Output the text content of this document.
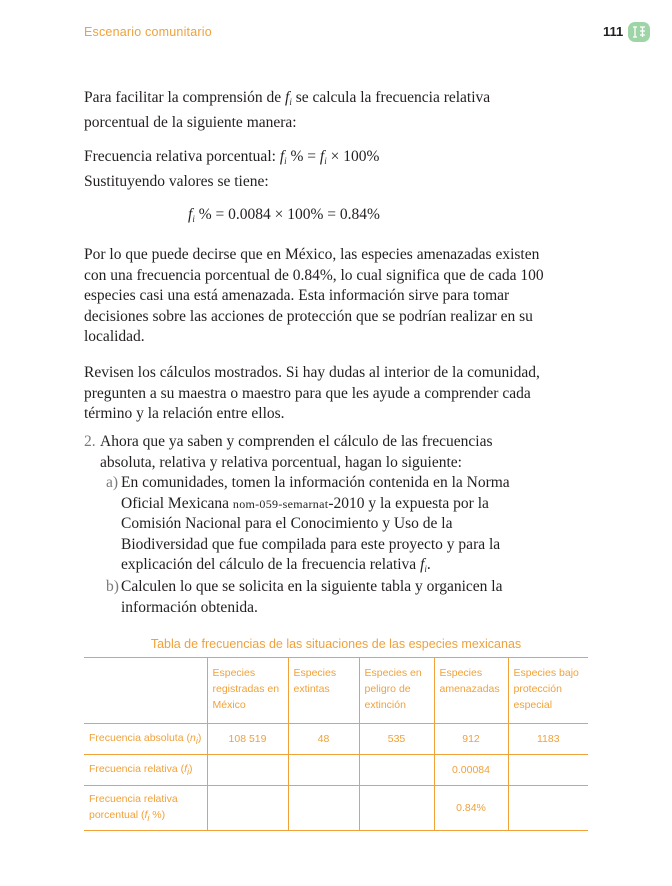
Escenario comunitario	111
Para facilitar la comprensión de $f_i$ se calcula la frecuencia relativa porcentual de la siguiente manera:
Frecuencia relativa porcentual: $f_i$ % = $f_i \times 100\%$
Sustituyendo valores se tiene:
$f_i$ % = 0.0084 × 100% = 0.84%
Por lo que puede decirse que en México, las especies amenazadas existen con una frecuencia porcentual de 0.84%, lo cual significa que de cada 100 especies casi una está amenazada. Esta información sirve para tomar decisiones sobre las acciones de protección que se podrían realizar en su localidad.
Revisen los cálculos mostrados. Si hay dudas al interior de la comunidad, pregunten a su maestra o maestro para que les ayude a comprender cada término y la relación entre ellos.
2. Ahora que ya saben y comprenden el cálculo de las frecuencias absoluta, relativa y relativa porcentual, hagan lo siguiente:
a) En comunidades, tomen la información contenida en la Norma Oficial Mexicana nom-059-semarnat-2010 y la expuesta por la Comisión Nacional para el Conocimiento y Uso de la Biodiversidad que fue compilada para este proyecto y para la explicación del cálculo de la frecuencia relativa $f_i$.
b) Calculen lo que se solicita en la siguiente tabla y organicen la información obtenida.
Tabla de frecuencias de las situaciones de las especies mexicanas
	Especies registradas en México	Especies extintas	Especies en peligro de extinción	Especies amenazadas	Especies bajo protección especial
Frecuencia absoluta (ni)	108 519	48	535	912	1183
Frecuencia relativa (fi)				0.00084	
Frecuencia relativa
porcentual (fi %)				0.84%	
